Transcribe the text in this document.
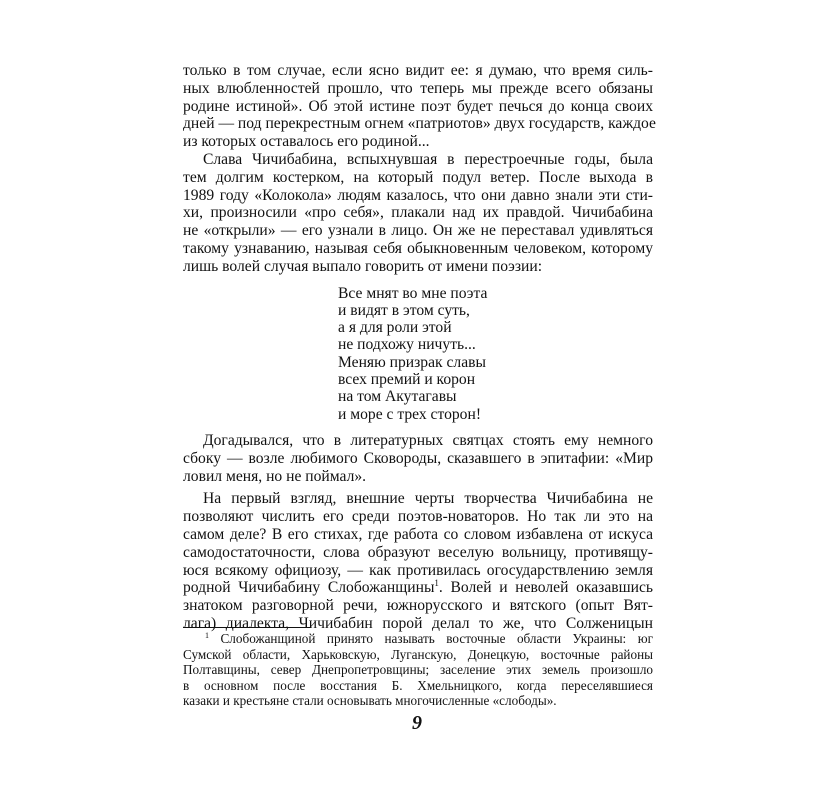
только в том случае, если ясно видит ее: я думаю, что время силь-
ных влюбленностей прошло, что теперь мы прежде всего обязаны
родине истиной». Об этой истине поэт будет печься до конца своих
дней — под перекрестным огнем «патриотов» двух государств, каждое
из которых оставалось его родиной...
Слава Чичибабина, вспыхнувшая в перестроечные годы, была
тем долгим костерком, на который подул ветер. После выхода в
1989 году «Колокола» людям казалось, что они давно знали эти сти-
хи, произносили «про себя», плакали над их правдой. Чичибабина
не «открыли» — его узнали в лицо. Он же не переставал удивляться
такому узнаванию, называя себя обыкновенным человеком, которому
лишь волей случая выпало говорить от имени поэзии:
Все мнят во мне поэта
и видят в этом суть,
а я для роли этой
не подхожу ничуть...
Меняю призрак славы
всех премий и корон
на том Акутагавы
и море с трех сторон!
Догадывался, что в литературных святцах стоять ему немного
сбоку — возле любимого Сковороды, сказавшего в эпитафии: «Мир
ловил меня, но не поймал».
На первый взгляд, внешние черты творчества Чичибабина не
позволяют числить его среди поэтов-новаторов. Но так ли это на
самом деле? В его стихах, где работа со словом избавлена от искуса
самодостаточности, слова образуют веселую вольницу, противящу-
юся всякому официозу, — как противилась огосударствлению земля
родной Чичибабину Слобожанщины$^1$. Волей и неволей оказавшись
знатоком разговорной речи, южнорусского и вятского (опыт Вят-
лага) диалекта, Чичибабин порой делал то же, что Солженицын
$^1$ Слобожанщиной принято называть восточные области Украины: юг
Сумской области, Харьковскую, Луганскую, Донецкую, восточные районы
Полтавщины, север Днепропетровщины; заселение этих земель произошло
в основном после восстания Б. Хмельницкого, когда переселявшиеся
казаки и крестьяне стали основывать многочисленные «слободы».
9
